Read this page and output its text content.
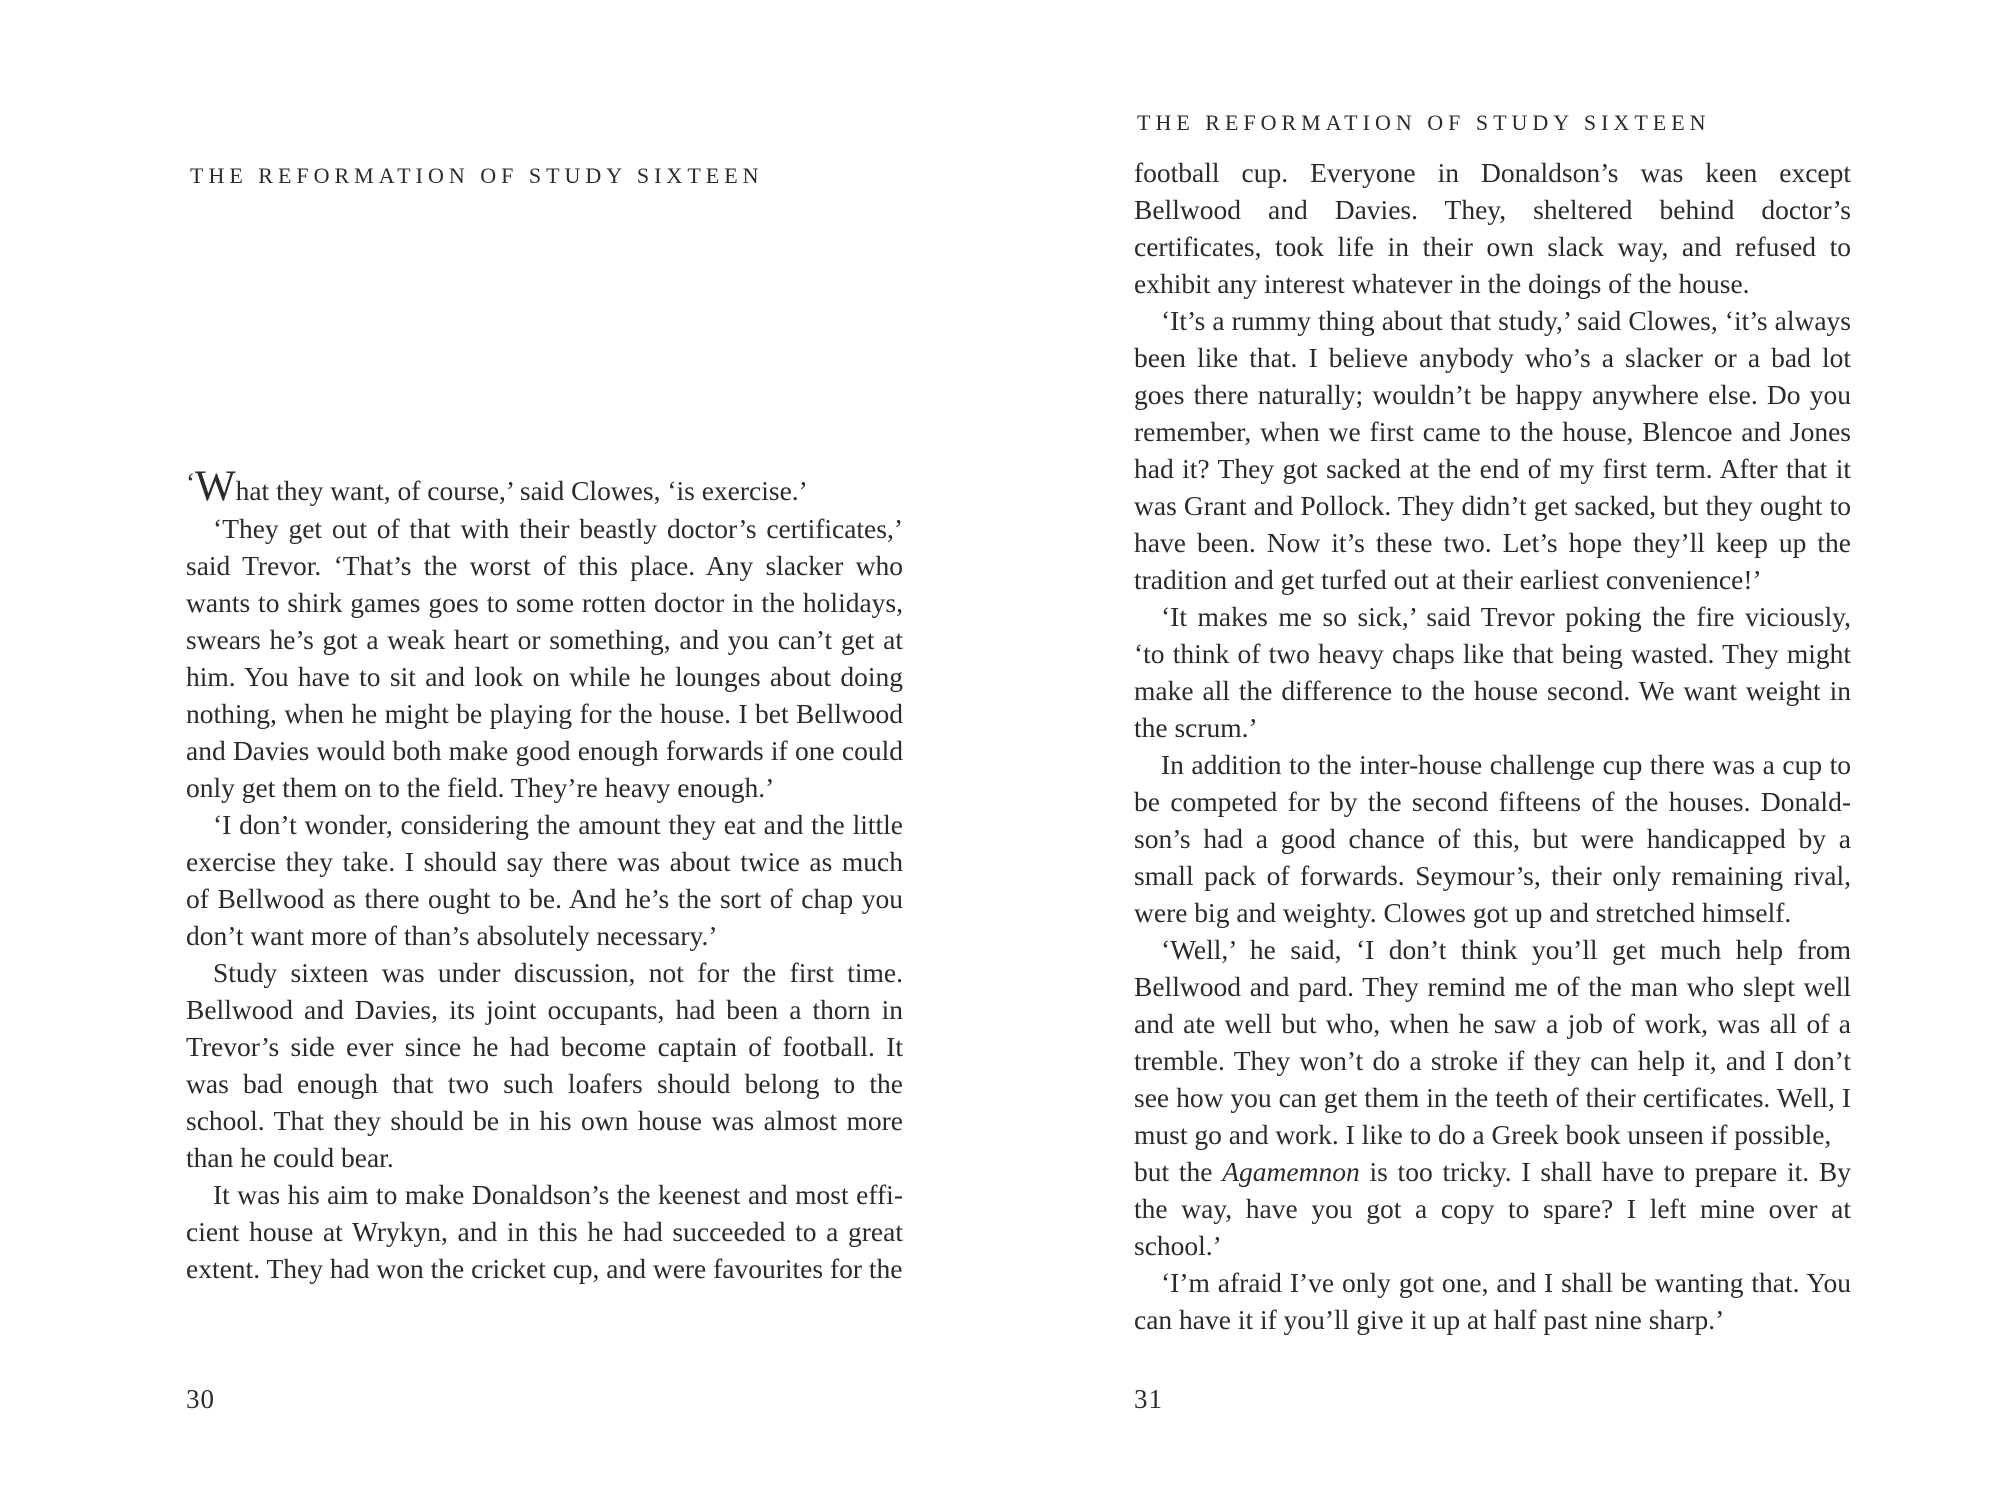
THE REFORMATION OF STUDY SIXTEEN

‘What they want, of course,’ said Clowes, ‘is exercise.’

‘They get out of that with their beastly doctor’s certificates,’ said Trevor. ‘That’s the worst of this place. Any slacker who wants to shirk games goes to some rotten doctor in the holidays, swears he’s got a weak heart or something, and you can’t get at him. You have to sit and look on while he lounges about doing nothing, when he might be playing for the house. I bet Bellwood and Davies would both make good enough forwards if one could only get them on to the field. They’re heavy enough.’

‘I don’t wonder, considering the amount they eat and the little exercise they take. I should say there was about twice as much of Bellwood as there ought to be. And he’s the sort of chap you don’t want more of than’s absolutely necessary.’

Study sixteen was under discussion, not for the first time. Bellwood and Davies, its joint occupants, had been a thorn in Trevor’s side ever since he had become captain of football. It was bad enough that two such loafers should belong to the school. That they should be in his own house was almost more than he could bear.

It was his aim to make Donaldson’s the keenest and most efficient house at Wrykyn, and in this he had succeeded to a great extent. They had won the cricket cup, and were favourites for the

30
THE REFORMATION OF STUDY SIXTEEN

football cup. Everyone in Donaldson’s was keen except Bellwood and Davies. They, sheltered behind doctor’s certificates, took life in their own slack way, and refused to exhibit any interest whatever in the doings of the house.

‘It’s a rummy thing about that study,’ said Clowes, ‘it’s always been like that. I believe anybody who’s a slacker or a bad lot goes there naturally; wouldn’t be happy anywhere else. Do you remember, when we first came to the house, Blencoe and Jones had it? They got sacked at the end of my first term. After that it was Grant and Pollock. They didn’t get sacked, but they ought to have been. Now it’s these two. Let’s hope they’ll keep up the tradition and get turfed out at their earliest convenience!’

‘It makes me so sick,’ said Trevor poking the fire viciously, ‘to think of two heavy chaps like that being wasted. They might make all the difference to the house second. We want weight in the scrum.’

In addition to the inter-house challenge cup there was a cup to be competed for by the second fifteens of the houses. Donaldson’s had a good chance of this, but were handicapped by a small pack of forwards. Seymour’s, their only remaining rival, were big and weighty. Clowes got up and stretched himself.

‘Well,’ he said, ‘I don’t think you’ll get much help from Bellwood and pard. They remind me of the man who slept well and ate well but who, when he saw a job of work, was all of a tremble. They won’t do a stroke if they can help it, and I don’t see how you can get them in the teeth of their certificates. Well, I must go and work. I like to do a Greek book unseen if possible,

but the Agamemnon is too tricky. I shall have to prepare it. By the way, have you got a copy to spare? I left mine over at school.’

‘I’m afraid I’ve only got one, and I shall be wanting that. You can have it if you’ll give it up at half past nine sharp.’

31
